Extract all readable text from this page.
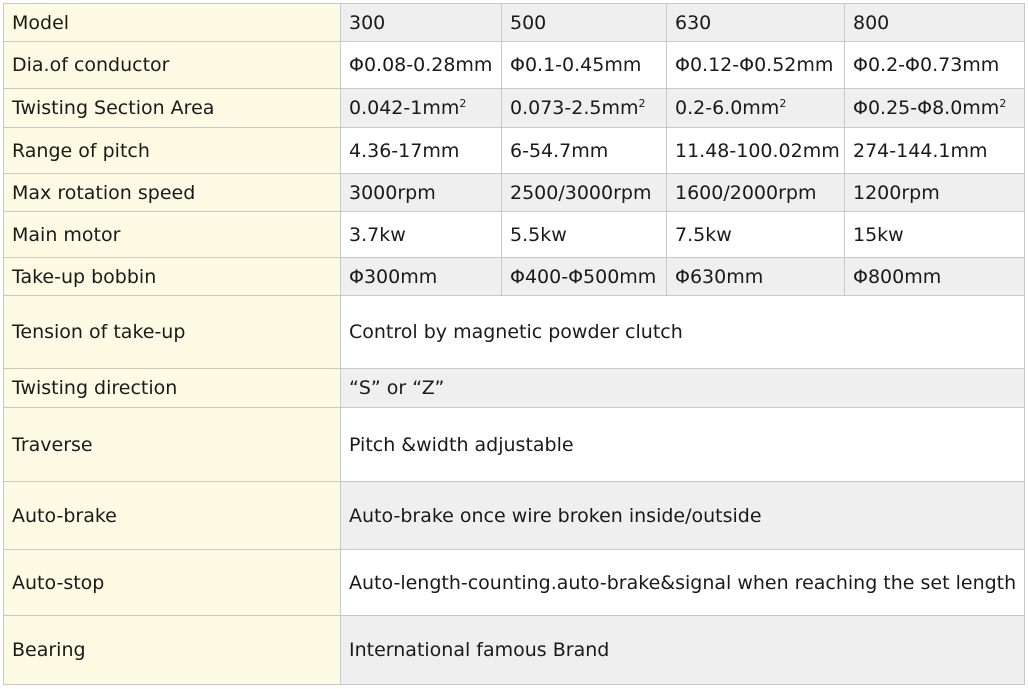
Model	300	500	630	800
Dia.of conductor	Φ0.08-0.28mm	Φ0.1-0.45mm	Φ0.12-Φ0.52mm	Φ0.2-Φ0.73mm
Twisting Section Area	$0.042-1mm^2$	$0.073-2.5mm^2$	$0.2-6.0mm^2$	$\Phi 0.25-\Phi 8.0mm^2$
Range of pitch	4.36-17mm	6-54.7mm	11.48-100.02mm	274-144.1mm
Max rotation speed	3000rpm	2500/3000rpm	1600/2000rpm	1200rpm
Main motor	3.7kw	5.5kw	7.5kw	15kw
Take-up bobbin	Φ300mm	Φ400-Φ500mm	Φ630mm	Φ800mm
Tension of take-up	Control by magnetic powder clutch			
Twisting direction	“S” or “Z”			
Traverse	Pitch &width adjustable			
Auto-brake	Auto-brake once wire broken inside/outside			
Auto-stop	Auto-length-counting.auto-brake&signal when reaching the set length			
Bearing	International famous Brand			
